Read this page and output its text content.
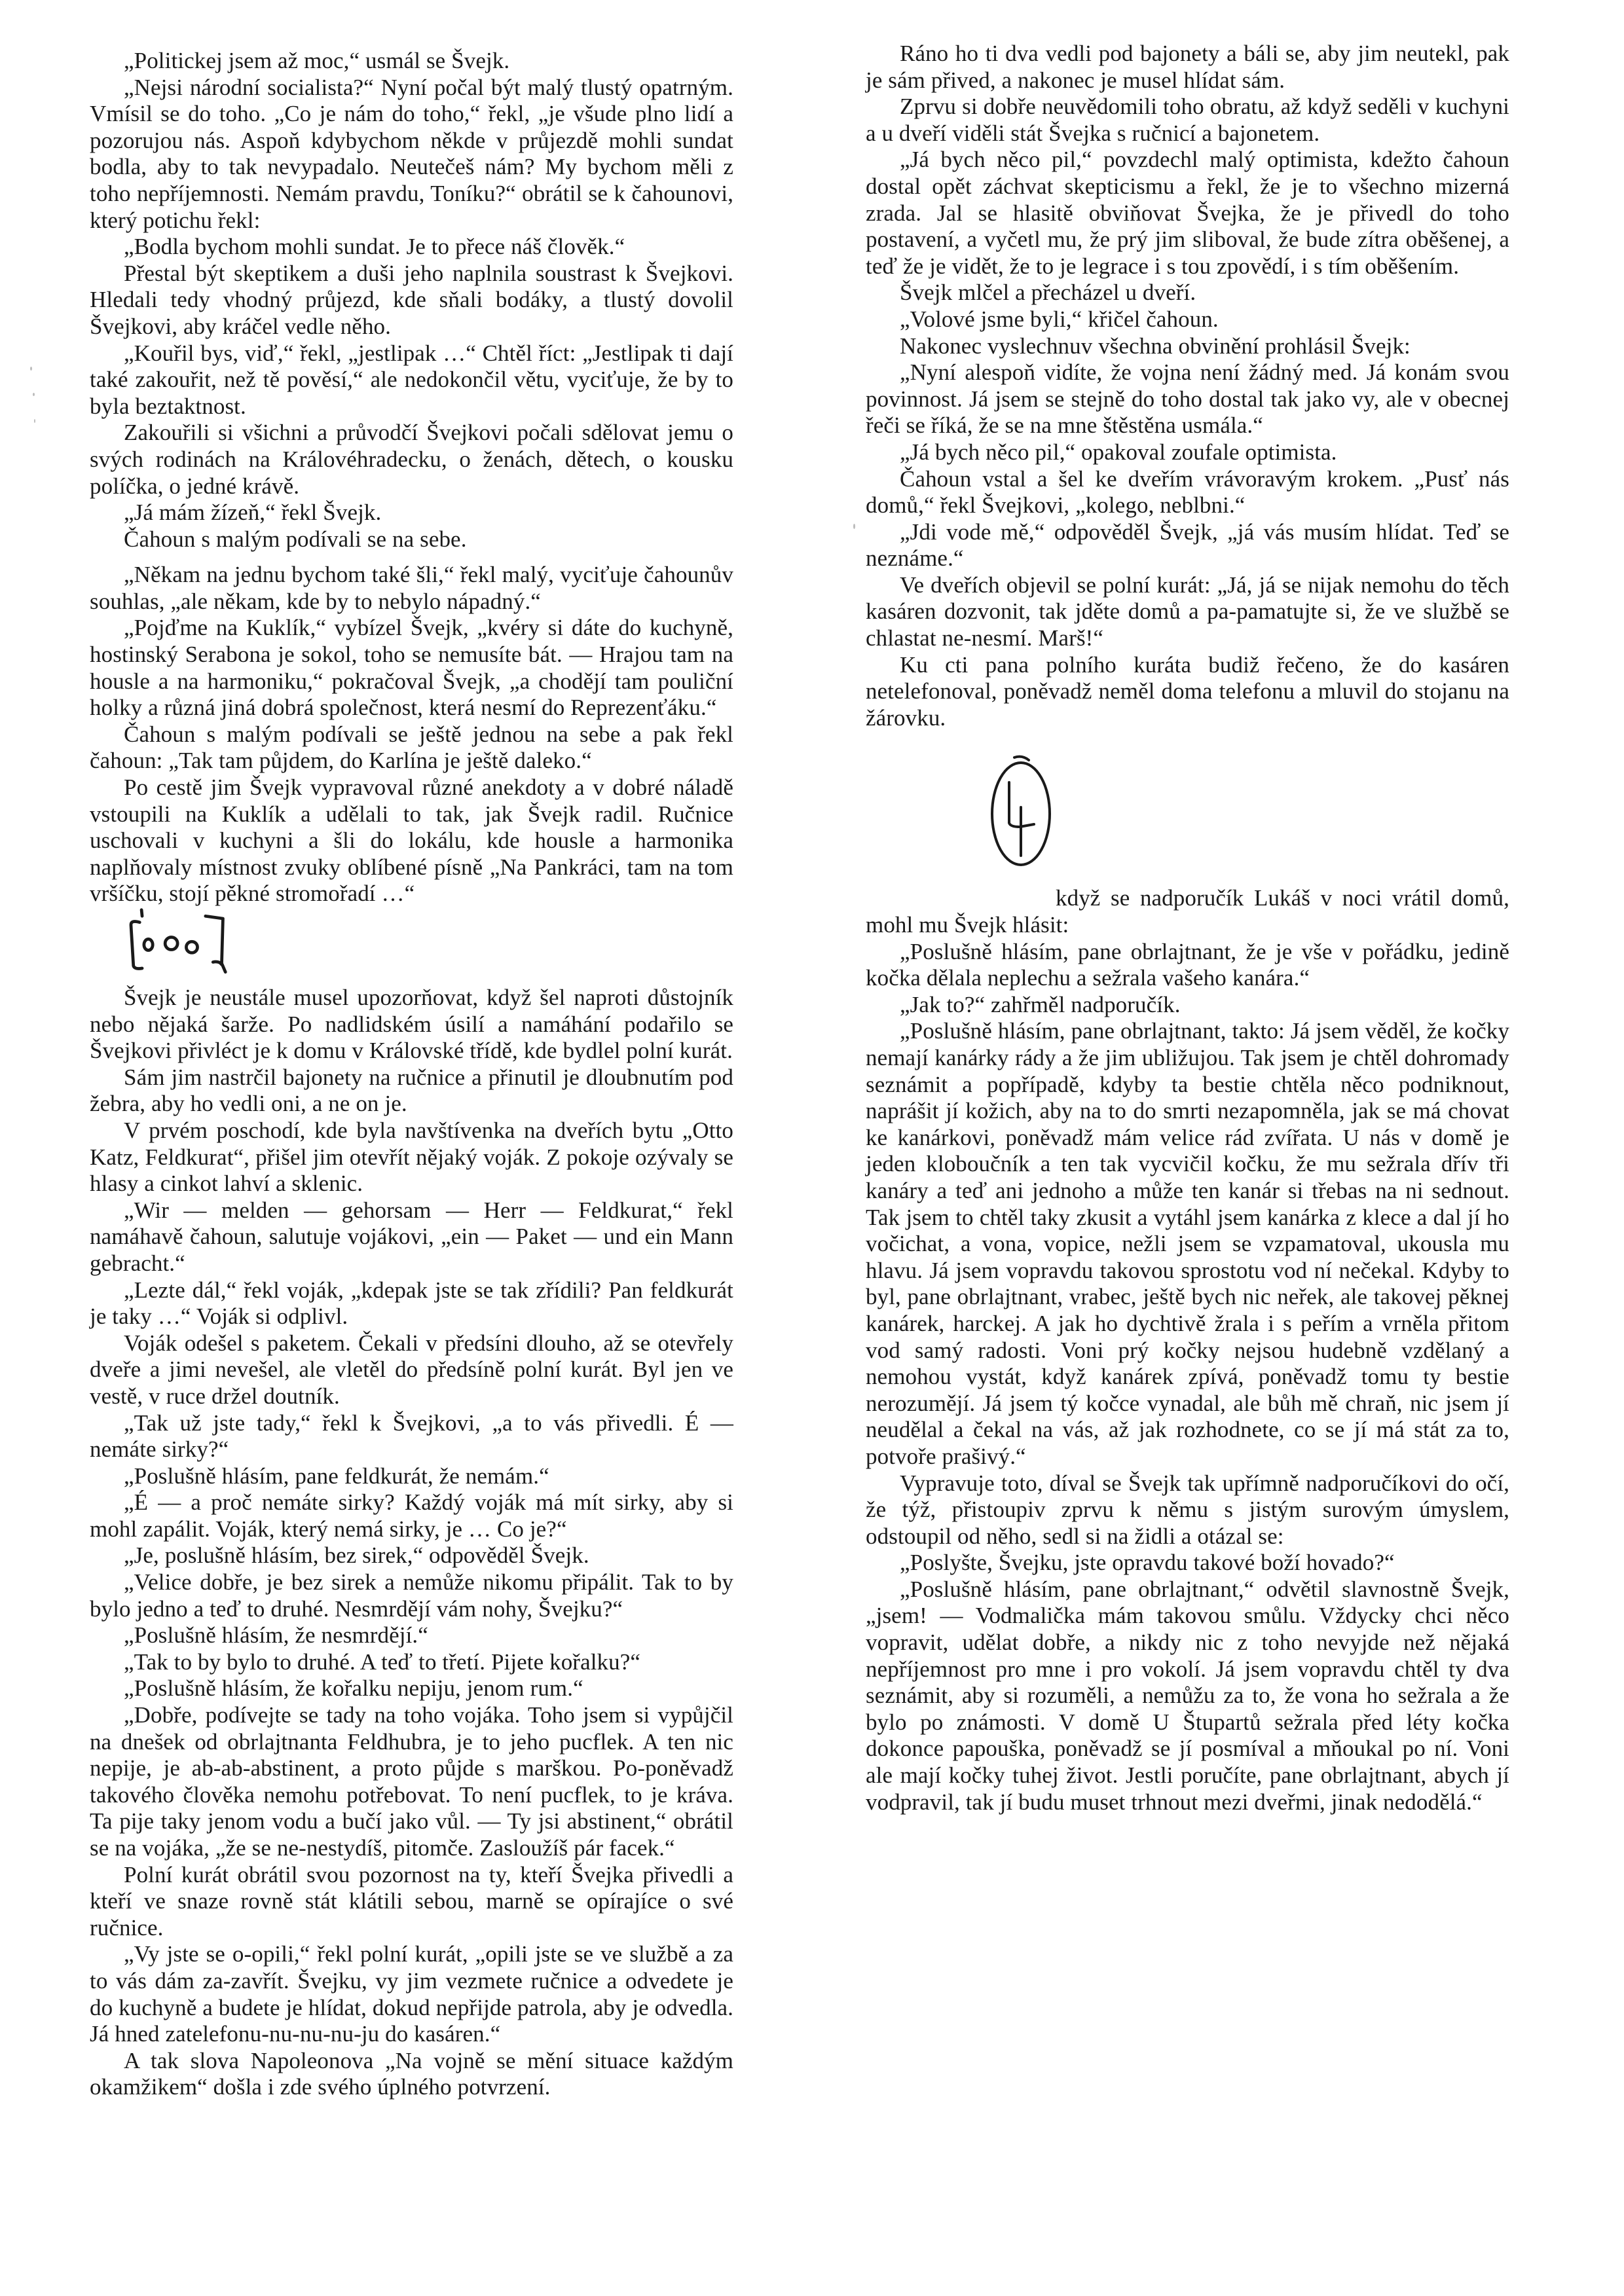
„Politickej jsem až moc,“ usmál se Švejk.

„Nejsi národní socialista?“ Nyní počal být malý tlustý opatrným. Vmísil se do toho. „Co je nám do toho,“ řekl, „je všude plno lidí a pozorujou nás. Aspoň kdybychom někde v průjezdě mohli sundat bodla, aby to tak nevypadalo. Neutečeš nám? My bychom měli z toho nepříjemnosti. Nemám pravdu, Toníku?“ obrátil se k čahounovi, který potichu řekl:

„Bodla bychom mohli sundat. Je to přece náš člověk.“

Přestal být skeptikem a duši jeho naplnila soustrast k Švejkovi. Hledali tedy vhodný průjezd, kde sňali bodáky, a tlustý dovolil Švejkovi, aby kráčel vedle něho.

„Kouřil bys, viď,“ řekl, „jestlipak …“ Chtěl říct: „Jestlipak ti dají také zakouřit, než tě pověsí,“ ale nedokončil větu, vyciťuje, že by to byla beztaktnost.

Zakouřili si všichni a průvodčí Švejkovi počali sdělovat jemu o svých rodinách na Královéhradecku, o ženách, dětech, o kousku políčka, o jedné krávě.

„Já mám žízeň,“ řekl Švejk.

Čahoun s malým podívali se na sebe.

„Někam na jednu bychom také šli,“ řekl malý, vyciťuje čahounův souhlas, „ale někam, kde by to nebylo nápadný.“

„Pojďme na Kuklík,“ vybízel Švejk, „kvéry si dáte do kuchyně, hostinský Serabona je sokol, toho se nemusíte bát. — Hrajou tam na housle a na harmoniku,“ pokračoval Švejk, „a chodějí tam pouliční holky a různá jiná dobrá společnost, která nesmí do Reprezenťáku.“

Čahoun s malým podívali se ještě jednou na sebe a pak řekl čahoun: „Tak tam půjdem, do Karlína je ještě daleko.“

Po cestě jim Švejk vypravoval různé anekdoty a v dobré náladě vstoupili na Kuklík a udělali to tak, jak Švejk radil. Ručnice uschovali v kuchyni a šli do lokálu, kde housle a harmonika naplňovaly místnost zvuky oblíbené písně „Na Pankráci, tam na tom vršíčku, stojí pěkné stromořadí …“

Švejk je neustále musel upozorňovat, když šel naproti důstojník nebo nějaká šarže. Po nadlidském úsilí a namáhání podařilo se Švejkovi přivléct je k domu v Královské třídě, kde bydlel polní kurát.

Sám jim nastrčil bajonety na ručnice a přinutil je dloubnutím pod žebra, aby ho vedli oni, a ne on je.

V prvém poschodí, kde byla navštívenka na dveřích bytu „Otto Katz, Feldkurat“, přišel jim otevřít nějaký voják. Z pokoje ozývaly se hlasy a cinkot lahví a sklenic.

„Wir — melden — gehorsam — Herr — Feldkurat,“ řekl namáhavě čahoun, salutuje vojákovi, „ein — Paket — und ein Mann gebracht.“

„Lezte dál,“ řekl voják, „kdepak jste se tak zřídili? Pan feldkurát je taky …“ Voják si odplivl.

Voják odešel s paketem. Čekali v předsíni dlouho, až se otevřely dveře a jimi nevešel, ale vletěl do předsíně polní kurát. Byl jen ve vestě, v ruce držel doutník.

„Tak už jste tady,“ řekl k Švejkovi, „a to vás přivedli. É — nemáte sirky?“

„Poslušně hlásím, pane feldkurát, že nemám.“

„É — a proč nemáte sirky? Každý voják má mít sirky, aby si mohl zapálit. Voják, který nemá sirky, je … Co je?“

„Je, poslušně hlásím, bez sirek,“ odpověděl Švejk.

„Velice dobře, je bez sirek a nemůže nikomu připálit. Tak to by bylo jedno a teď to druhé. Nesmrdějí vám nohy, Švejku?“

„Poslušně hlásím, že nesmrdějí.“

„Tak to by bylo to druhé. A teď to třetí. Pijete kořalku?“

„Poslušně hlásím, že kořalku nepiju, jenom rum.“

„Dobře, podívejte se tady na toho vojáka. Toho jsem si vypůjčil na dnešek od obrlajtnanta Feldhubra, je to jeho pucflek. A ten nic nepije, je ab-ab-abstinent, a proto půjde s marškou. Po-poněvadž takového člověka nemohu potřebovat. To není pucflek, to je kráva. Ta pije taky jenom vodu a bučí jako vůl. — Ty jsi abstinent,“ obrátil se na vojáka, „že se ne-nestydíš, pitomče. Zasloužíš pár facek.“

Polní kurát obrátil svou pozornost na ty, kteří Švejka přivedli a kteří ve snaze rovně stát klátili sebou, marně se opírajíce o své ručnice.

„Vy jste se o-opili,“ řekl polní kurát, „opili jste se ve službě a za to vás dám za-zavřít. Švejku, vy jim vezmete ručnice a odvedete je do kuchyně a budete je hlídat, dokud nepřijde patrola, aby je odvedla. Já hned zatelefonu-nu-nu-nu-ju do kasáren.“

A tak slova Napoleonova „Na vojně se mění situace každým okamžikem“ došla i zde svého úplného potvrzení.

Ráno ho ti dva vedli pod bajonety a báli se, aby jim neutekl, pak je sám přived, a nakonec je musel hlídat sám.

Zprvu si dobře neuvědomili toho obratu, až když seděli v kuchyni a u dveří viděli stát Švejka s ručnicí a bajonetem.

„Já bych něco pil,“ povzdechl malý optimista, kdežto čahoun dostal opět záchvat skepticismu a řekl, že je to všechno mizerná zrada. Jal se hlasitě obviňovat Švejka, že je přivedl do toho postavení, a vyčetl mu, že prý jim sliboval, že bude zítra oběšenej, a teď že je vidět, že to je legrace i s tou zpovědí, i s tím oběšením.

Švejk mlčel a přecházel u dveří.

„Volové jsme byli,“ křičel čahoun.

Nakonec vyslechnuv všechna obvinění prohlásil Švejk:

„Nyní alespoň vidíte, že vojna není žádný med. Já konám svou povinnost. Já jsem se stejně do toho dostal tak jako vy, ale v obecnej řeči se říká, že se na mne štěstěna usmála.“

„Já bych něco pil,“ opakoval zoufale optimista.

Čahoun vstal a šel ke dveřím vrávoravým krokem. „Pusť nás domů,“ řekl Švejkovi, „kolego, neblbni.“

„Jdi vode mě,“ odpověděl Švejk, „já vás musím hlídat. Teď se neznáme.“

Ve dveřích objevil se polní kurát: „Já, já se nijak nemohu do těch kasáren dozvonit, tak jděte domů a pa-pamatujte si, že ve službě se chlastat ne-nesmí. Marš!“

Ku cti pana polního kuráta budiž řečeno, že do kasáren netelefonoval, poněvadž neměl doma telefonu a mluvil do stojanu na žárovku.

když se nadporučík Lukáš v noci vrátil domů, mohl mu Švejk hlásit:

„Poslušně hlásím, pane obrlajtnant, že je vše v pořádku, jedině kočka dělala neplechu a sežrala vašeho kanára.“

„Jak to?“ zahřměl nadporučík.

„Poslušně hlásím, pane obrlajtnant, takto: Já jsem věděl, že kočky nemají kanárky rády a že jim ubližujou. Tak jsem je chtěl dohromady seznámit a popřípadě, kdyby ta bestie chtěla něco podniknout, naprášit jí kožich, aby na to do smrti nezapomněla, jak se má chovat ke kanárkovi, poněvadž mám velice rád zvířata. U nás v domě je jeden kloboučník a ten tak vycvičil kočku, že mu sežrala dřív tři kanáry a teď ani jednoho a může ten kanár si třebas na ni sednout. Tak jsem to chtěl taky zkusit a vytáhl jsem kanárka z klece a dal jí ho vočichat, a vona, vopice, nežli jsem se vzpamatoval, ukousla mu hlavu. Já jsem vopravdu takovou sprostotu vod ní nečekal. Kdyby to byl, pane obrlajtnant, vrabec, ještě bych nic neřek, ale takovej pěknej kanárek, harckej. A jak ho dychtivě žrala i s peřím a vrněla přitom vod samý radosti. Voni prý kočky nejsou hudebně vzdělaný a nemohou vystát, když kanárek zpívá, poněvadž tomu ty bestie nerozumějí. Já jsem tý kočce vynadal, ale bůh mě chraň, nic jsem jí neudělal a čekal na vás, až jak rozhodnete, co se jí má stát za to, potvoře prašivý.“

Vypravuje toto, díval se Švejk tak upřímně nadporučíkovi do očí, že týž, přistoupiv zprvu k němu s jistým surovým úmyslem, odstoupil od něho, sedl si na židli a otázal se:

„Poslyšte, Švejku, jste opravdu takové boží hovado?“

„Poslušně hlásím, pane obrlajtnant,“ odvětil slavnostně Švejk, „jsem! — Vodmalička mám takovou smůlu. Vždycky chci něco vopravit, udělat dobře, a nikdy nic z toho nevyjde než nějaká nepříjemnost pro mne i pro vokolí. Já jsem vopravdu chtěl ty dva seznámit, aby si rozuměli, a nemůžu za to, že vona ho sežrala a že bylo po známosti. V domě U Štupartů sežrala před léty kočka dokonce papouška, poněvadž se jí posmíval a mňoukal po ní. Voni ale mají kočky tuhej život. Jestli poručíte, pane obrlajtnant, abych jí vodpravil, tak jí budu muset trhnout mezi dveřmi, jinak nedodělá.“
